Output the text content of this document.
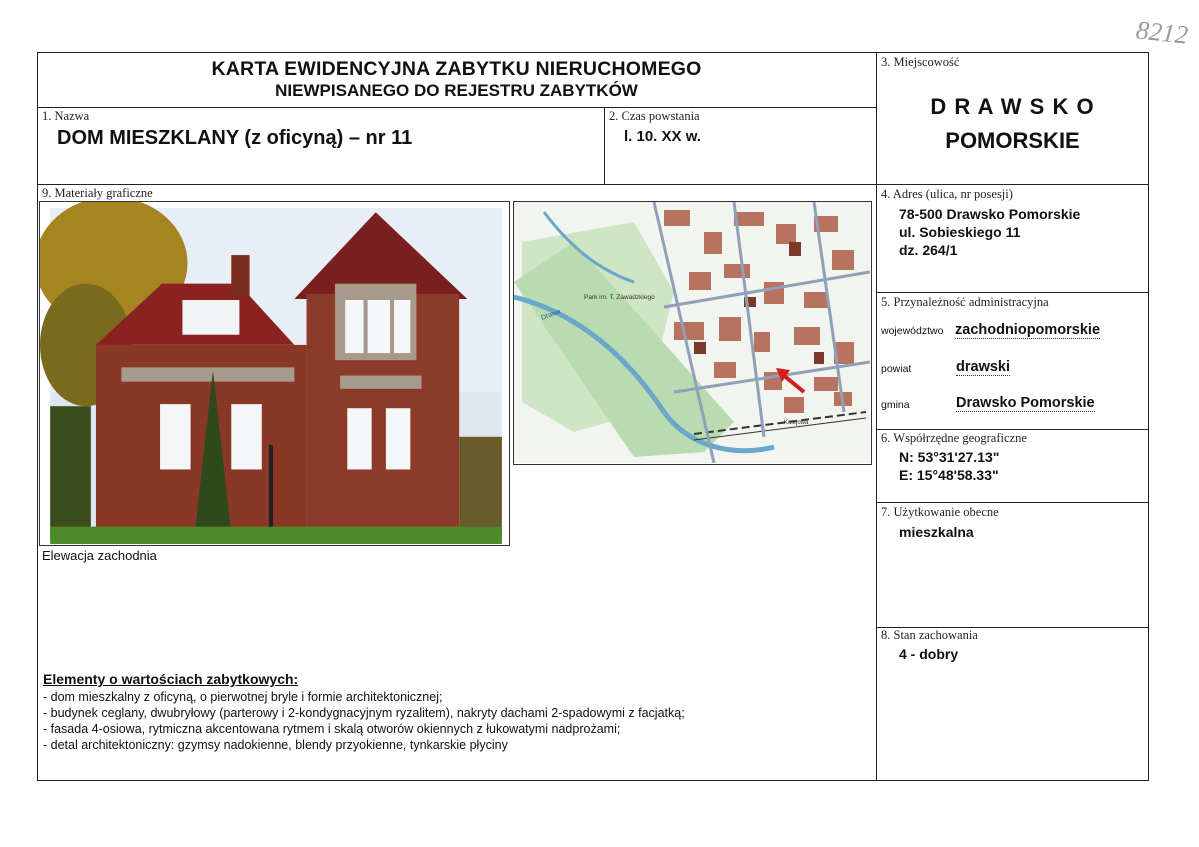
8212
KARTA EWIDENCYJNA ZABYTKU NIERUCHOMEGO
NIEWPISANEGO DO REJESTRU ZABYTKÓW
1. Nazwa
DOM MIESZKLANY (z oficyną) – nr 11
2. Czas powstania
l. 10. XX w.
3. Miejscowość
D R A W S K O
POMORSKIE
4. Adres (ulica, nr posesji)
78-500 Drawsko Pomorskie
ul. Sobieskiego 11
dz. 264/1
5. Przynależność administracyjna
województwo zachodniopomorskie
powiat	drawski
gmina	Drawsko Pomorskie
6. Współrzędne geograficzne
N: 53°31'27.13"
E: 15°48'58.33"
7. Użytkowanie obecne
mieszkalna
8. Stan zachowania
4 - dobry
9. Materiały graficzne
Elewacja zachodnia
Park im. T. Zawadzkiego
Drawa
Kolejowa
Elementy o wartościach zabytkowych:
- dom mieszkalny z oficyną, o pierwotnej bryle i formie architektonicznej;
- budynek ceglany, dwubryłowy (parterowy i 2-kondygnacyjnym ryzalitem), nakryty dachami 2-spadowymi z facjatką;
- fasada 4-osiowa, rytmiczna akcentowana rytmem i skalą otworów okiennych z łukowatymi nadprożami;
- detal architektoniczny: gzymsy nadokienne, blendy przyokienne, tynkarskie płyciny
